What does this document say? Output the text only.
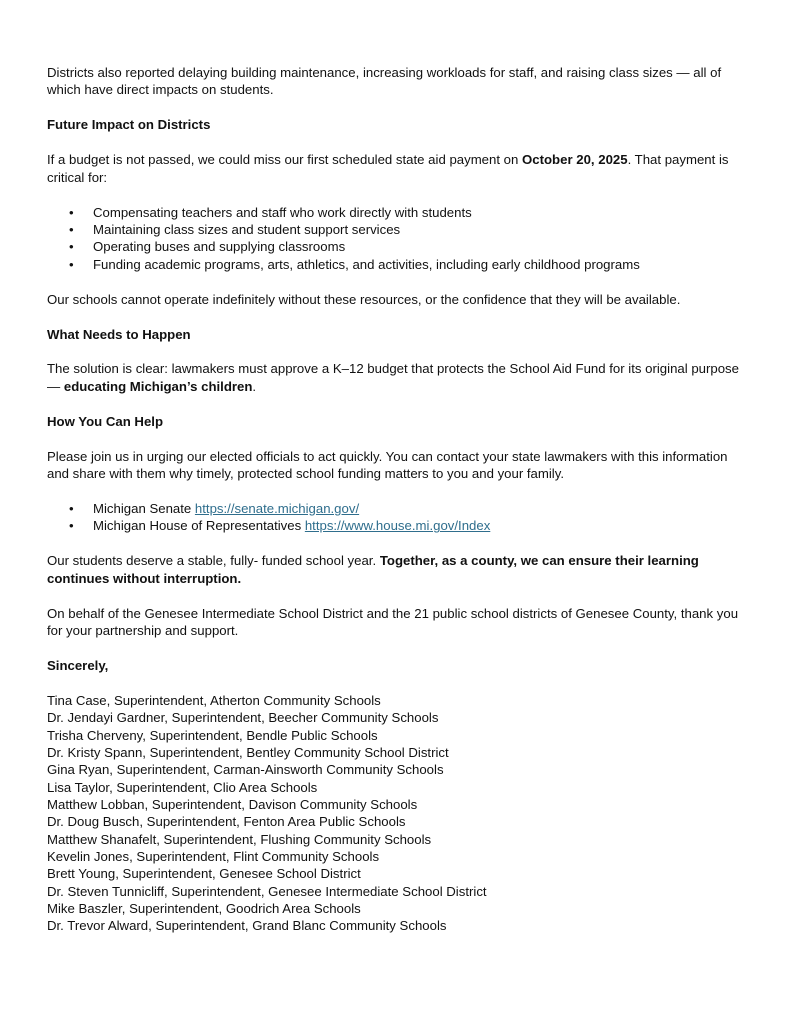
Districts also reported delaying building maintenance, increasing workloads for staff, and raising class sizes — all of which have direct impacts on students.

Future Impact on Districts

If a budget is not passed, we could miss our first scheduled state aid payment on October 20, 2025. That payment is critical for:

• Compensating teachers and staff who work directly with students
• Maintaining class sizes and student support services
• Operating buses and supplying classrooms
• Funding academic programs, arts, athletics, and activities, including early childhood programs

Our schools cannot operate indefinitely without these resources, or the confidence that they will be available.

What Needs to Happen

The solution is clear: lawmakers must approve a K–12 budget that protects the School Aid Fund for its original purpose — educating Michigan’s children.

How You Can Help

Please join us in urging our elected officials to act quickly. You can contact your state lawmakers with this information and share with them why timely, protected school funding matters to you and your family.

• Michigan Senate https://senate.michigan.gov/
• Michigan House of Representatives https://www.house.mi.gov/Index

Our students deserve a stable, fully- funded school year. Together, as a county, we can ensure their learning continues without interruption.

On behalf of the Genesee Intermediate School District and the 21 public school districts of Genesee County, thank you for your partnership and support.

Sincerely,

Tina Case, Superintendent, Atherton Community Schools

Dr. Jendayi Gardner, Superintendent, Beecher Community Schools

Trisha Cherveny, Superintendent, Bendle Public Schools

Dr. Kristy Spann, Superintendent, Bentley Community School District

Gina Ryan, Superintendent, Carman-Ainsworth Community Schools

Lisa Taylor, Superintendent, Clio Area Schools

Matthew Lobban, Superintendent, Davison Community Schools

Dr. Doug Busch, Superintendent, Fenton Area Public Schools

Matthew Shanafelt, Superintendent, Flushing Community Schools

Kevelin Jones, Superintendent, Flint Community Schools

Brett Young, Superintendent, Genesee School District

Dr. Steven Tunnicliff, Superintendent, Genesee Intermediate School District

Mike Baszler, Superintendent, Goodrich Area Schools

Dr. Trevor Alward, Superintendent, Grand Blanc Community Schools
